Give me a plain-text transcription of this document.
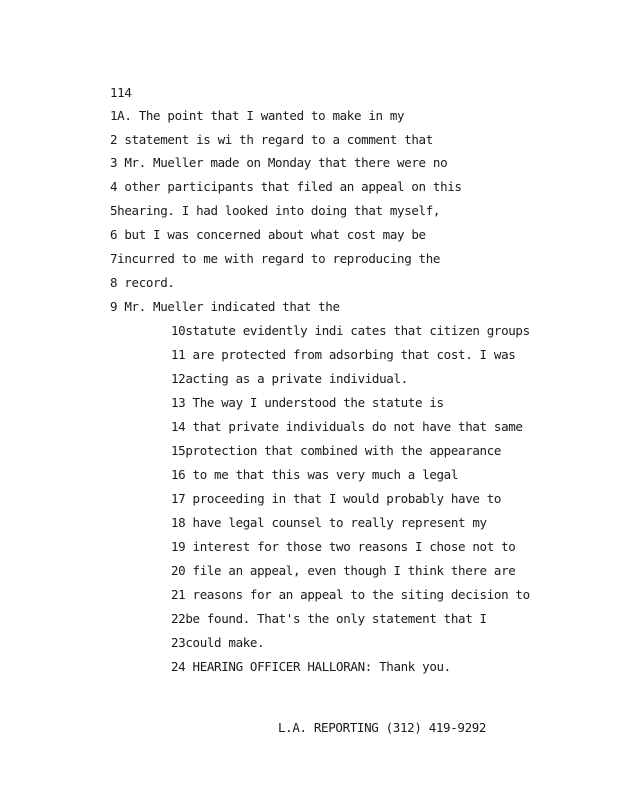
114
1A. The point that I wanted to make in my
2 statement is wi th regard to a comment that
3 Mr. Mueller made on Monday that there were no
4 other participants that filed an appeal on this
5hearing. I had looked into doing that myself,
6 but I was concerned about what cost may be
7incurred to me with regard to reproducing the
8 record.
9 Mr. Mueller indicated that the
10statute evidently indi cates that citizen groups
11 are protected from adsorbing that cost. I was
12acting as a private individual.
13 The way I understood the statute is
14 that private individuals do not have that same
15protection that combined with the appearance
16 to me that this was very much a legal
17 proceeding in that I would probably have to
18 have legal counsel to really represent my
19 interest for those two reasons I chose not to
20 file an appeal, even though I think there are
21 reasons for an appeal to the siting decision to
22be found. That's the only statement that I
23could make.
24 HEARING OFFICER HALLORAN: Thank you.
L.A. REPORTING (312) 419-9292
